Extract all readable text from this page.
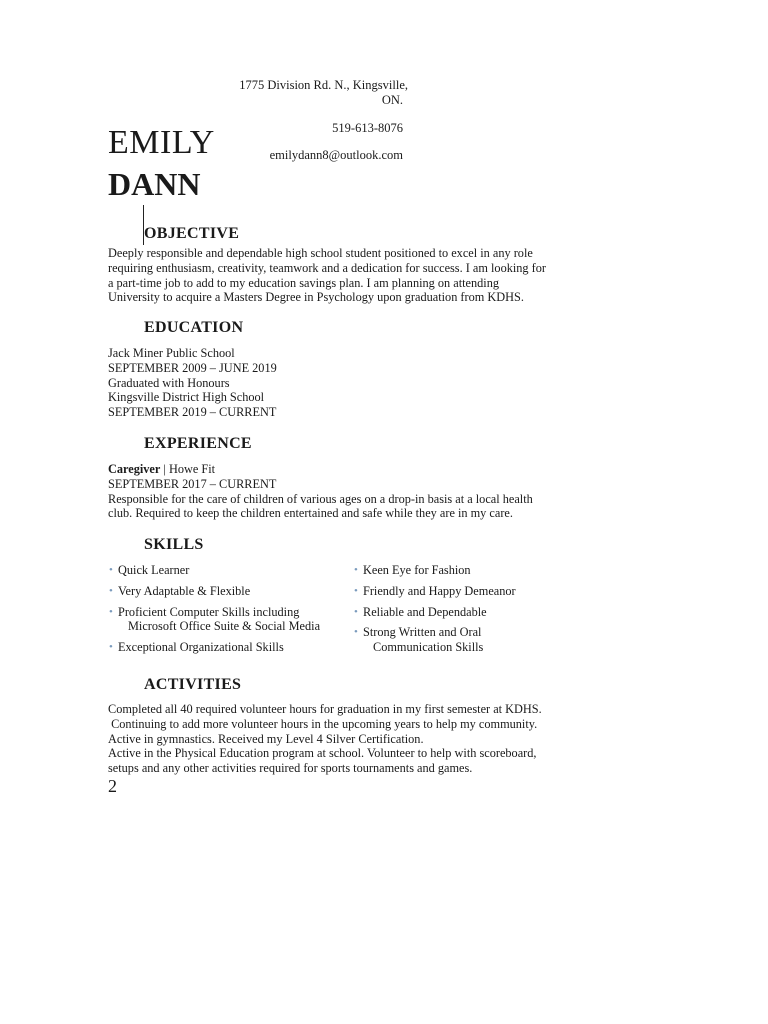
1775 Division Rd. N., Kingsville,
ON.
519-613-8076
emilydann8@outlook.com
EMILY
DANN
OBJECTIVE
Deeply responsible and dependable high school student positioned to excel in any role
requiring enthusiasm, creativity, teamwork and a dedication for success. I am looking for
a part-time job to add to my education savings plan. I am planning on attending
University to acquire a Masters Degree in Psychology upon graduation from KDHS.
EDUCATION
Jack Miner Public School
SEPTEMBER 2009 – JUNE 2019
Graduated with Honours
Kingsville District High School
SEPTEMBER 2019 – CURRENT
EXPERIENCE
Caregiver | Howe Fit
SEPTEMBER 2017 – CURRENT
Responsible for the care of children of various ages on a drop-in basis at a local health
club. Required to keep the children entertained and safe while they are in my care.
SKILLS
• Quick Learner
• Very Adaptable & Flexible
• Proficient Computer Skills including
Microsoft Office Suite & Social Media
• Exceptional Organizational Skills
• Keen Eye for Fashion
• Friendly and Happy Demeanor
• Reliable and Dependable
• Strong Written and Oral
Communication Skills
ACTIVITIES
Completed all 40 required volunteer hours for graduation in my first semester at KDHS.
Continuing to add more volunteer hours in the upcoming years to help my community.
Active in gymnastics. Received my Level 4 Silver Certification.
Active in the Physical Education program at school. Volunteer to help with scoreboard,
setups and any other activities required for sports tournaments and games.
2
